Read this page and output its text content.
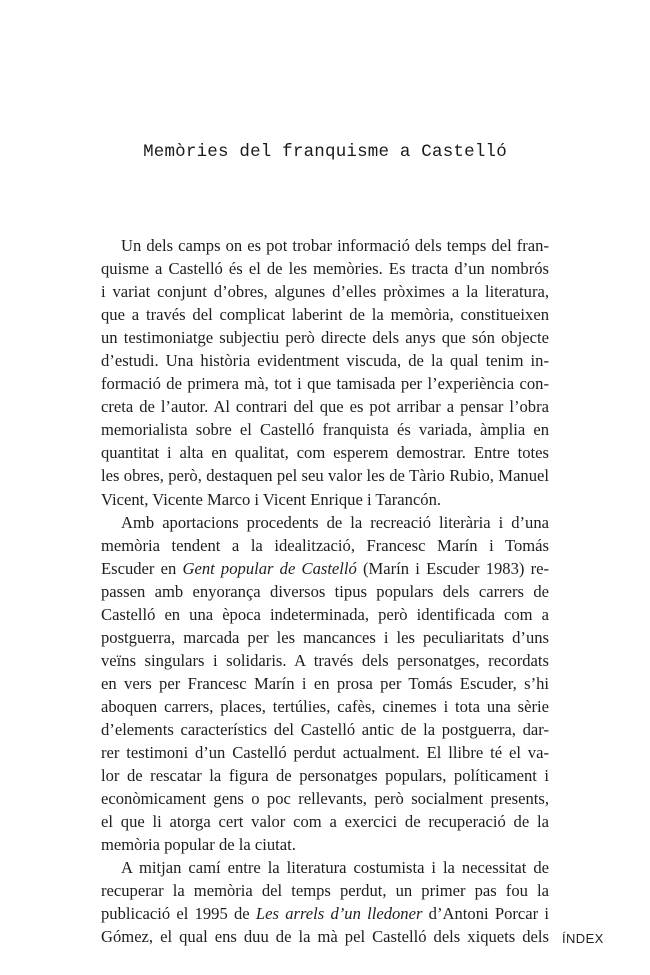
Memòries del franquisme a Castelló
Un dels camps on es pot trobar informació dels temps del fran-
quisme a Castelló és el de les memòries. Es tracta d’un nombrós
i variat conjunt d’obres, algunes d’elles pròximes a la literatura,
que a través del complicat laberint de la memòria, constitueixen
un testimoniatge subjectiu però directe dels anys que són objecte
d’estudi. Una història evidentment viscuda, de la qual tenim in-
formació de primera mà, tot i que tamisada per l’experiència con-
creta de l’autor. Al contrari del que es pot arribar a pensar l’obra
memorialista sobre el Castelló franquista és variada, àmplia en
quantitat i alta en qualitat, com esperem demostrar. Entre totes
les obres, però, destaquen pel seu valor les de Tàrio Rubio, Manuel
Vicent, Vicente Marco i Vicent Enrique i Tarancón.
Amb aportacions procedents de la recreació literària i d’una
memòria tendent a la idealització, Francesc Marín i Tomás
Escuder en Gent popular de Castelló (Marín i Escuder 1983) re-
passen amb enyorança diversos tipus populars dels carrers de
Castelló en una època indeterminada, però identificada com a
postguerra, marcada per les mancances i les peculiaritats d’uns
veïns singulars i solidaris. A través dels personatges, recordats
en vers per Francesc Marín i en prosa per Tomás Escuder, s’hi
aboquen carrers, places, tertúlies, cafès, cinemes i tota una sèrie
d’elements característics del Castelló antic de la postguerra, dar-
rer testimoni d’un Castelló perdut actualment. El llibre té el va-
lor de rescatar la figura de personatges populars, políticament i
econòmicament gens o poc rellevants, però socialment presents,
el que li atorga cert valor com a exercici de recuperació de la
memòria popular de la ciutat.
A mitjan camí entre la literatura costumista i la necessitat de
recuperar la memòria del temps perdut, un primer pas fou la
publicació el 1995 de Les arrels d’un lledoner d’Antoni Porcar i
Gómez, el qual ens duu de la mà pel Castelló dels xiquets dels ÍNDEX
